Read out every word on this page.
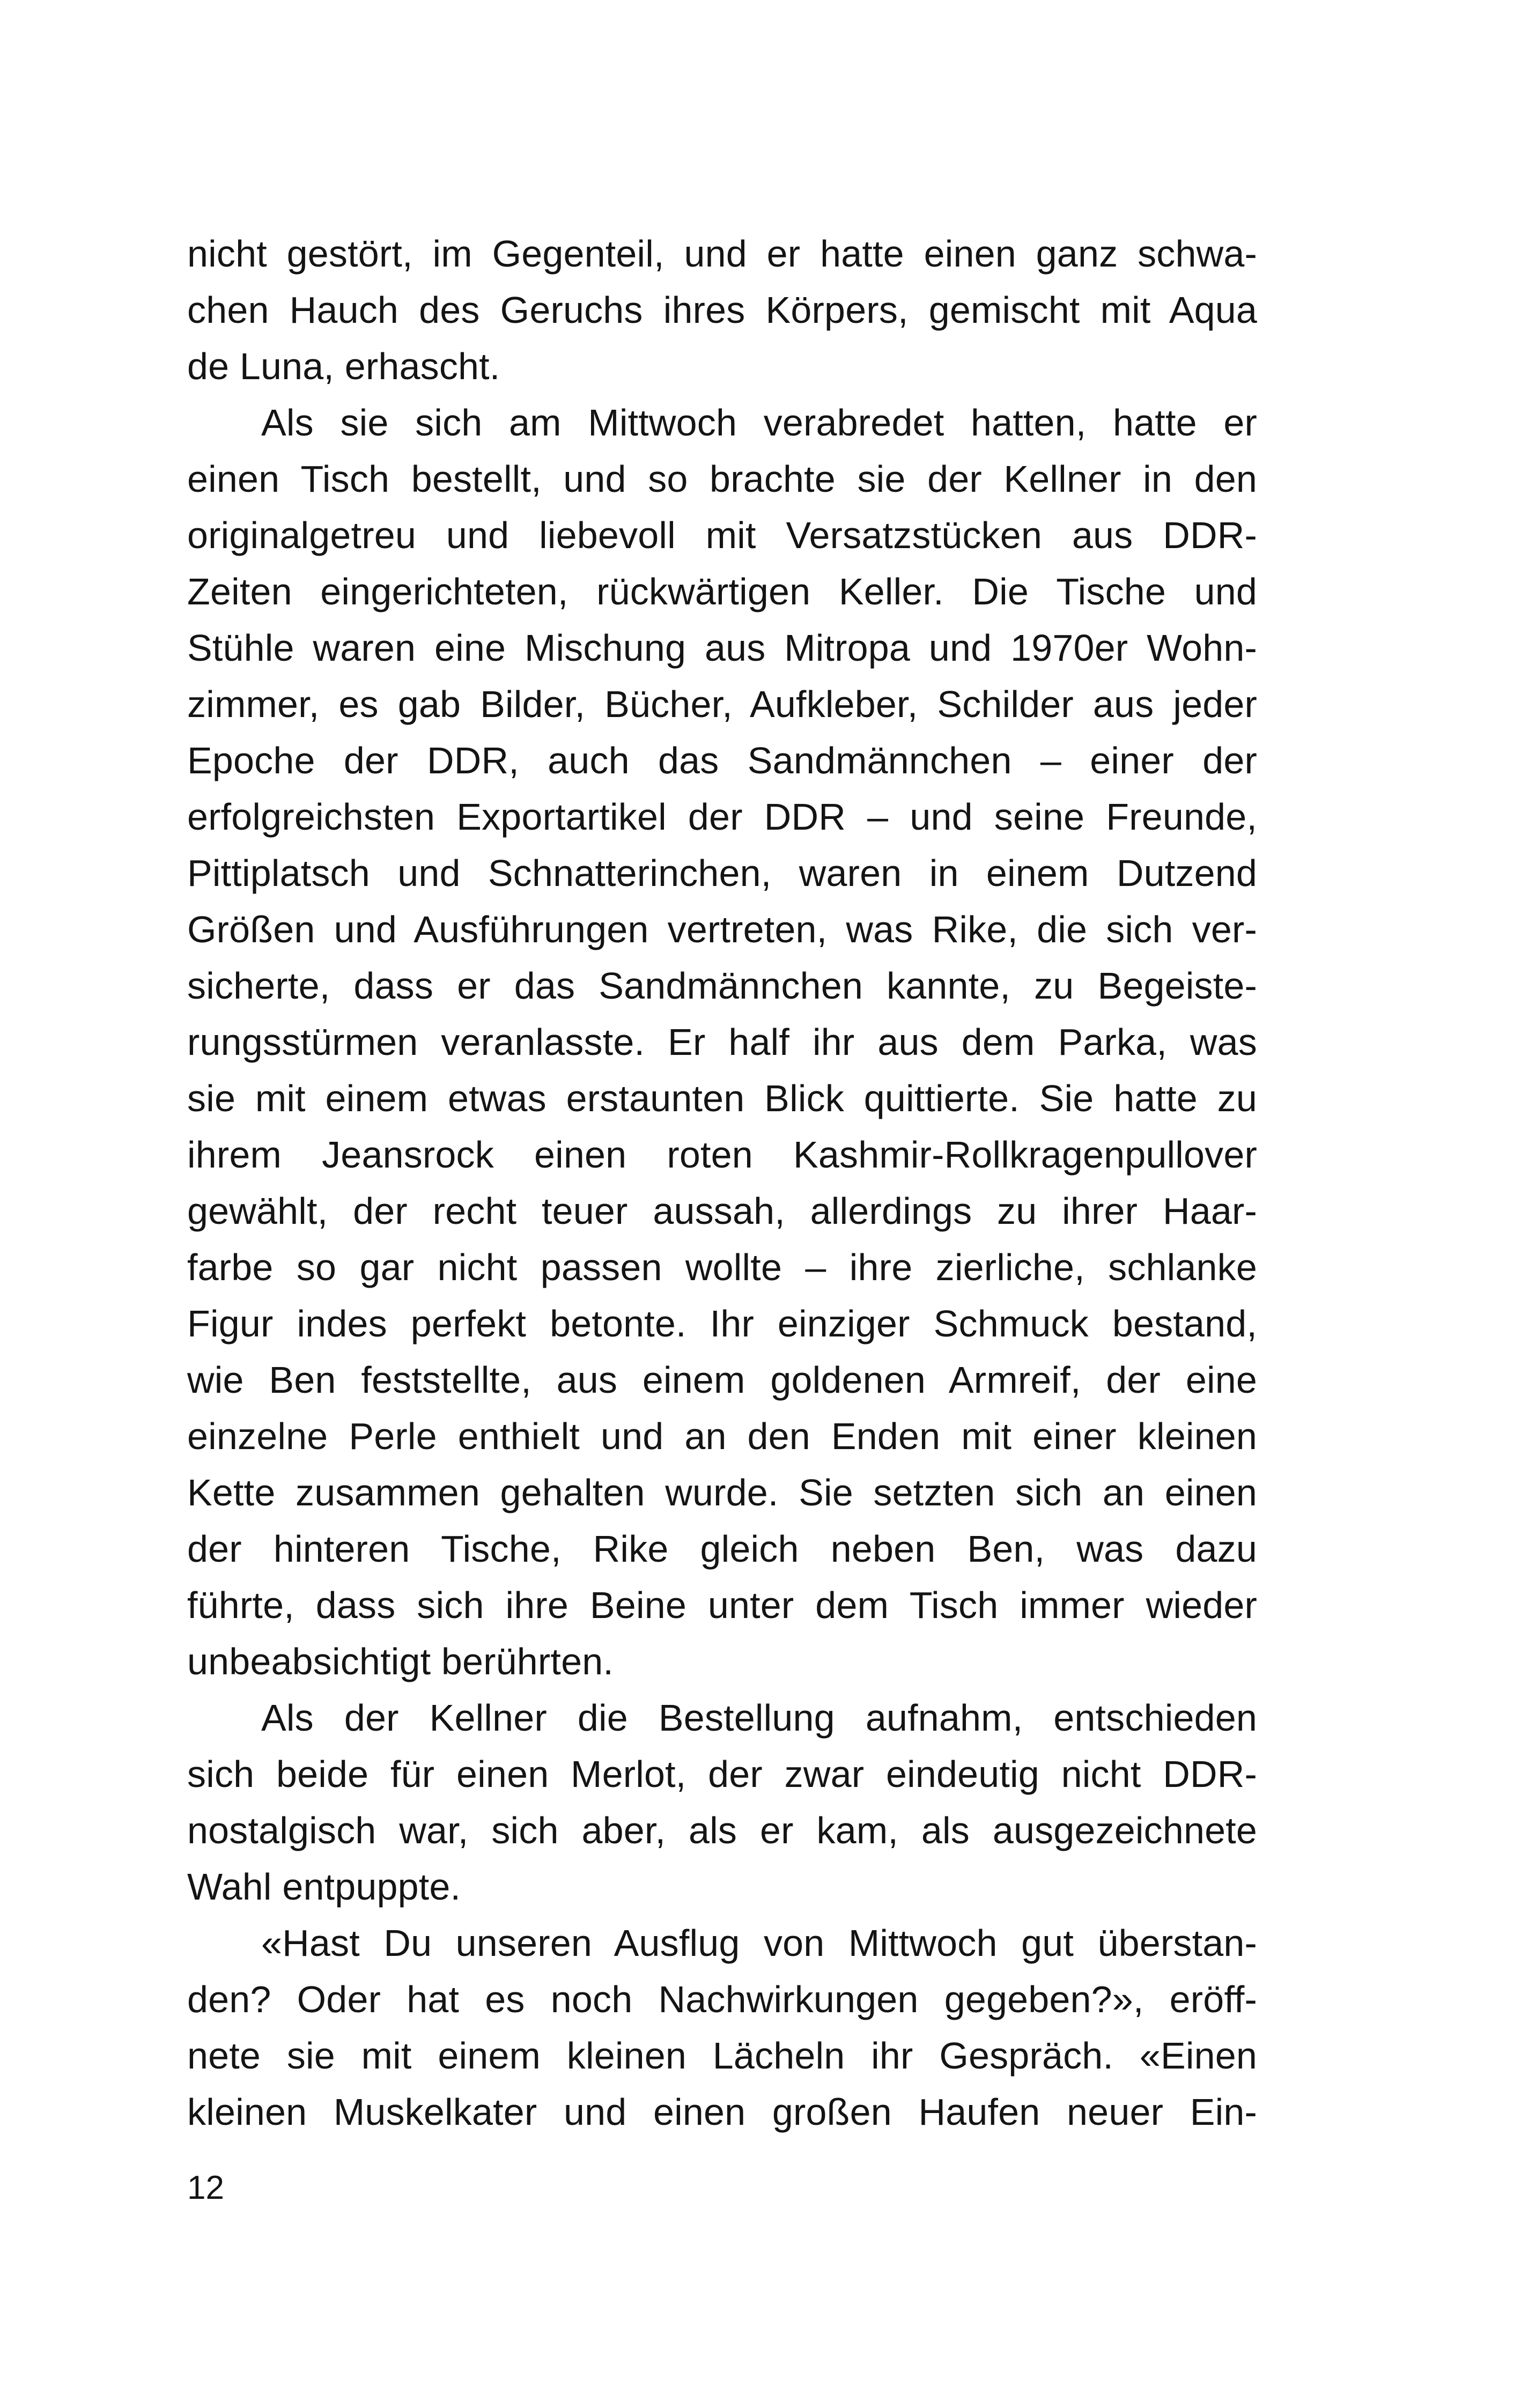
nicht gestört, im Gegenteil, und er hatte einen ganz schwa-
chen Hauch des Geruchs ihres Körpers, gemischt mit Aqua
de Luna, erhascht.
Als sie sich am Mittwoch verabredet hatten, hatte er
einen Tisch bestellt, und so brachte sie der Kellner in den
originalgetreu und liebevoll mit Versatzstücken aus DDR-
Zeiten eingerichteten, rückwärtigen Keller. Die Tische und
Stühle waren eine Mischung aus Mitropa und 1970er Wohn-
zimmer, es gab Bilder, Bücher, Aufkleber, Schilder aus jeder
Epoche der DDR, auch das Sandmännchen – einer der
erfolgreichsten Exportartikel der DDR – und seine Freunde,
Pittiplatsch und Schnatterinchen, waren in einem Dutzend
Größen und Ausführungen vertreten, was Rike, die sich ver-
sicherte, dass er das Sandmännchen kannte, zu Begeiste-
rungsstürmen veranlasste. Er half ihr aus dem Parka, was
sie mit einem etwas erstaunten Blick quittierte. Sie hatte zu
ihrem Jeansrock einen roten Kashmir-Rollkragenpullover
gewählt, der recht teuer aussah, allerdings zu ihrer Haar-
farbe so gar nicht passen wollte – ihre zierliche, schlanke
Figur indes perfekt betonte. Ihr einziger Schmuck bestand,
wie Ben feststellte, aus einem goldenen Armreif, der eine
einzelne Perle enthielt und an den Enden mit einer kleinen
Kette zusammen gehalten wurde. Sie setzten sich an einen
der hinteren Tische, Rike gleich neben Ben, was dazu
führte, dass sich ihre Beine unter dem Tisch immer wieder
unbeabsichtigt berührten.
Als der Kellner die Bestellung aufnahm, entschieden
sich beide für einen Merlot, der zwar eindeutig nicht DDR-
nostalgisch war, sich aber, als er kam, als ausgezeichnete
Wahl entpuppte.
«Hast Du unseren Ausflug von Mittwoch gut überstan-
den? Oder hat es noch Nachwirkungen gegeben?», eröff-
nete sie mit einem kleinen Lächeln ihr Gespräch. «Einen
kleinen Muskelkater und einen großen Haufen neuer Ein-
12
